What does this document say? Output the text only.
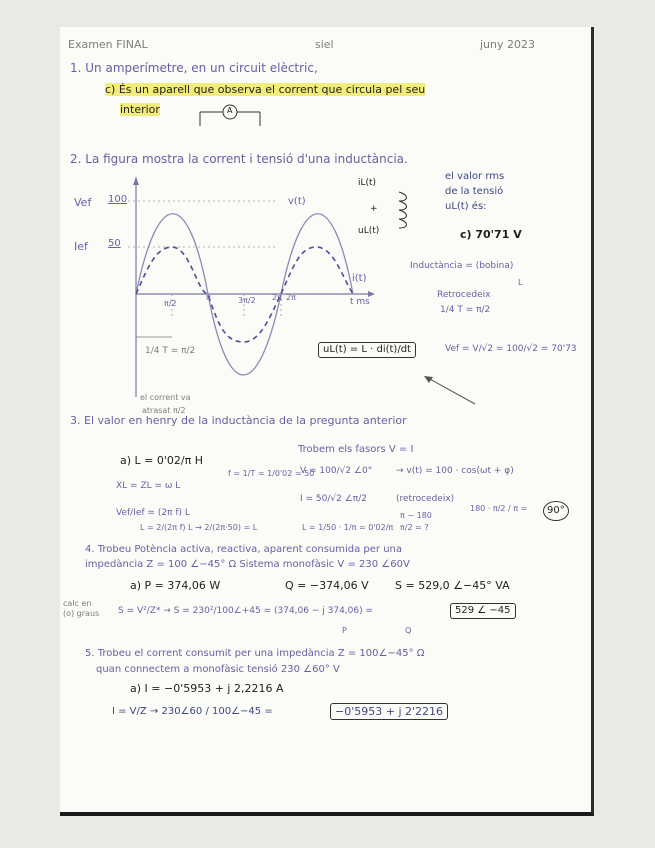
Examen FINAL	siel	juny 2023
1. Un amperímetre, en un circuit elèctric,
c) És un aparell que observa el corrent que circula pel seu
interior	A
2. La figura mostra la corrent i tensió d'una inductància.
Vef 100
Ief 50
v(t)
i(t)
π/2
π	3π/2 2π 2π	t ms
1/4 T = π/2
el corrent va
atrasat π/2
iL(t)
+
uL(t)
el valor rms
de la tensió
uL(t) és:
c) 70'71 V
Inductància = (bobina)
L
Retrocedeix
1/4 T = π/2
uL(t) = L · di(t)/dt	Vef = V/√2 = 100/√2 = 70'73
3. El valor en henry de la inductància de la pregunta anterior
a) L = 0'02/π H
Trobem els fasors V = I
XL = ZL = ω L
f = 1/T = 1/0'02 = 50
V = 100/√2 ∠0°	→ v(t) = 100 · cos(ωt + φ)
I = 50/√2 ∠π/2	(retrocedeix)
Vef/Ief = (2π f) L
L = 2/(2π f) L → 2/(2π·50) = L	L = 1/50 · 1/π = 0'02/π
π − 180
π/2 = ?
180 · π/2 / π =	90°
4. Trobeu Potència activa, reactiva, aparent consumida per una
impedància Z = 100 ∠−45° Ω Sistema monofàsic V = 230 ∠60V
a) P = 374,06 W	Q = −374,06 V S = 529,0 ∠−45° VA
calc en (o) graus	S = V²/Z* → S = 230²/100∠+45 = (374,06 − j 374,06) =	529 ∠ −45
P	Q
5. Trobeu el corrent consumit per una impedància Z = 100∠−45° Ω
quan connectem a monofàsic tensió 230 ∠60° V
a) I = −0'5953 + j 2,2216 A
I = V/Z → 230∠60 / 100∠−45 =	−0'5953 + j 2'2216
